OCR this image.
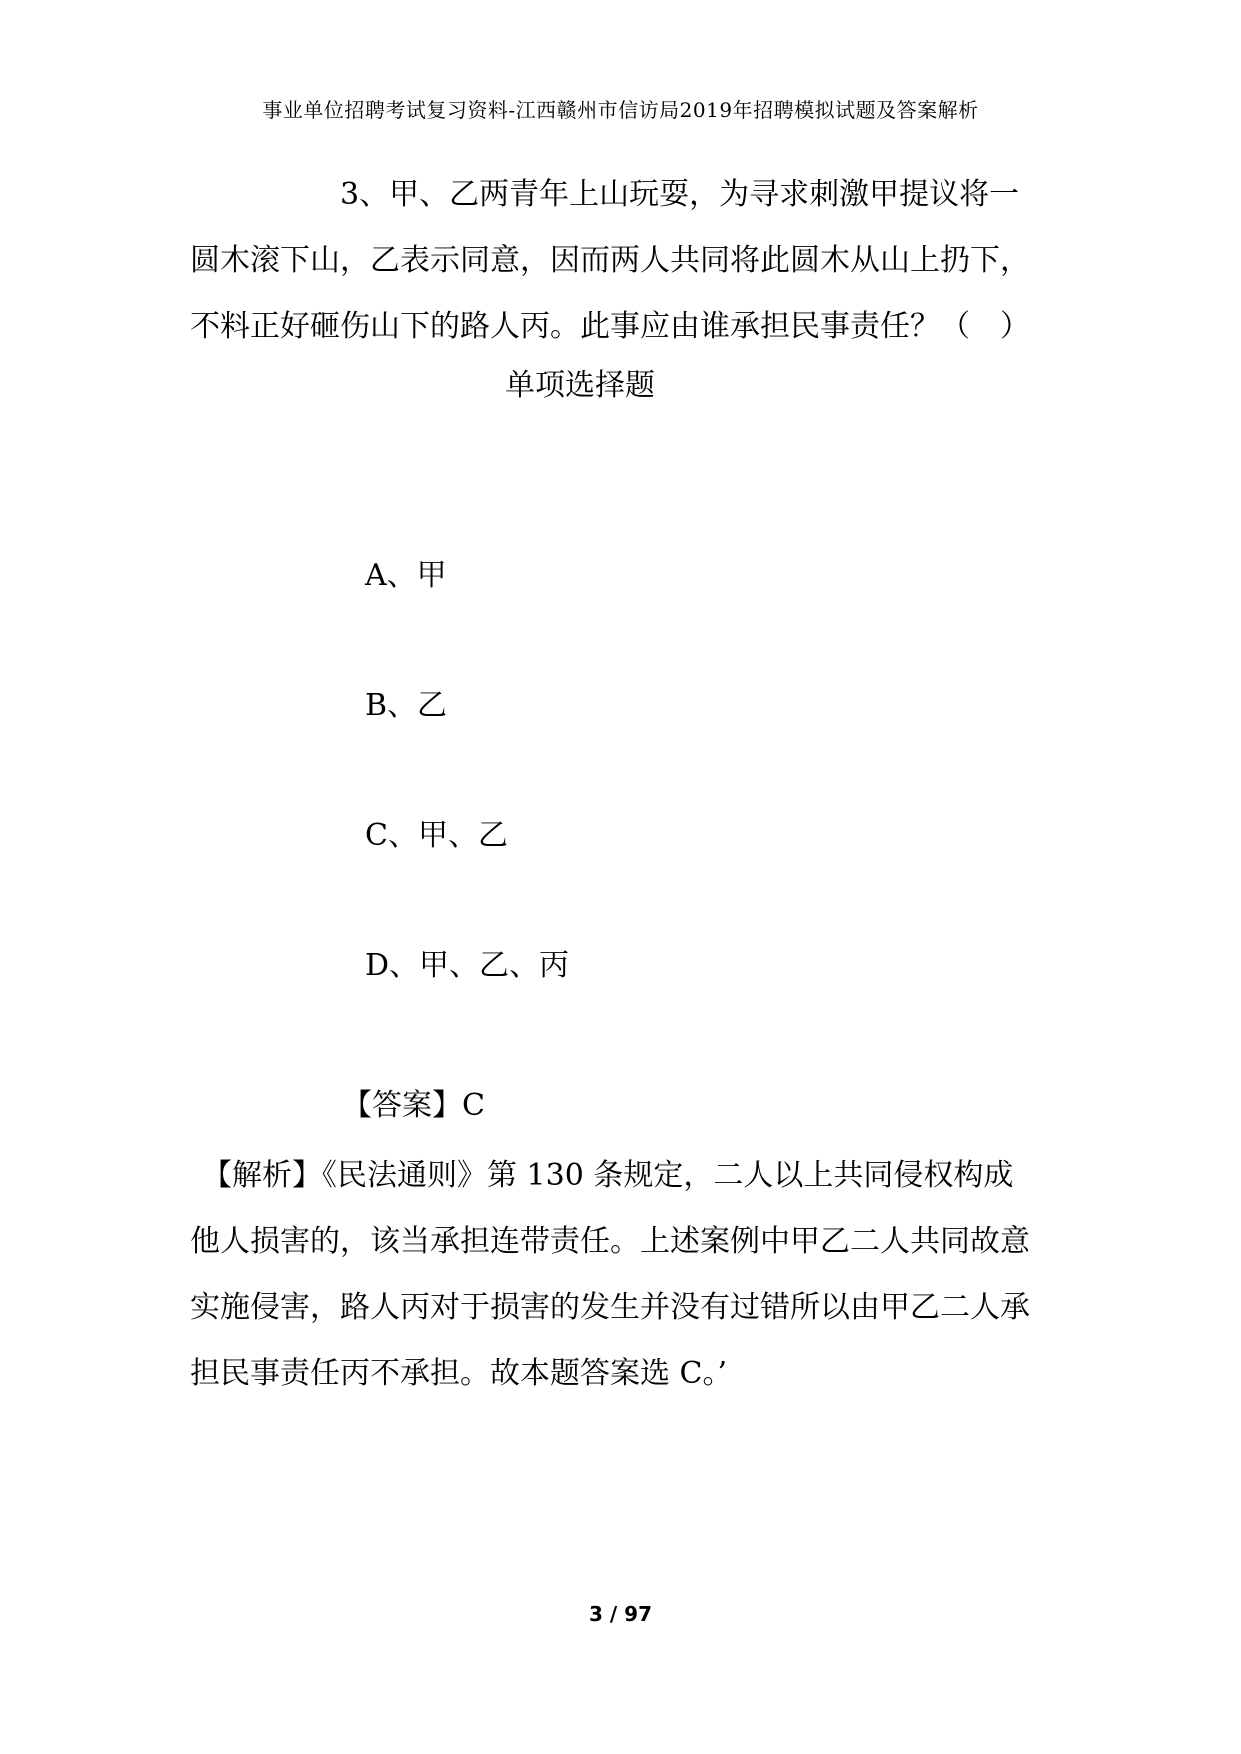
事业单位招聘考试复习资料-江西赣州市信访局2019年招聘模拟试题及答案解析

3、甲、乙两青年上山玩耍，为寻求刺激甲提议将一

圆木滚下山，乙表示同意，因而两人共同将此圆木从山上扔下，

不料正好砸伤山下的路人丙。此事应由谁承担民事责任？（　）

单项选择题
A、甲
B、乙
C、甲、乙
D、甲、乙、丙
【答案】C

【解析】《民法通则》第 130 条规定，二人以上共同侵权构成

他人损害的，该当承担连带责任。上述案例中甲乙二人共同故意

实施侵害，路人丙对于损害的发生并没有过错所以由甲乙二人承

担民事责任丙不承担。故本题答案选 C。’

3 / 97
